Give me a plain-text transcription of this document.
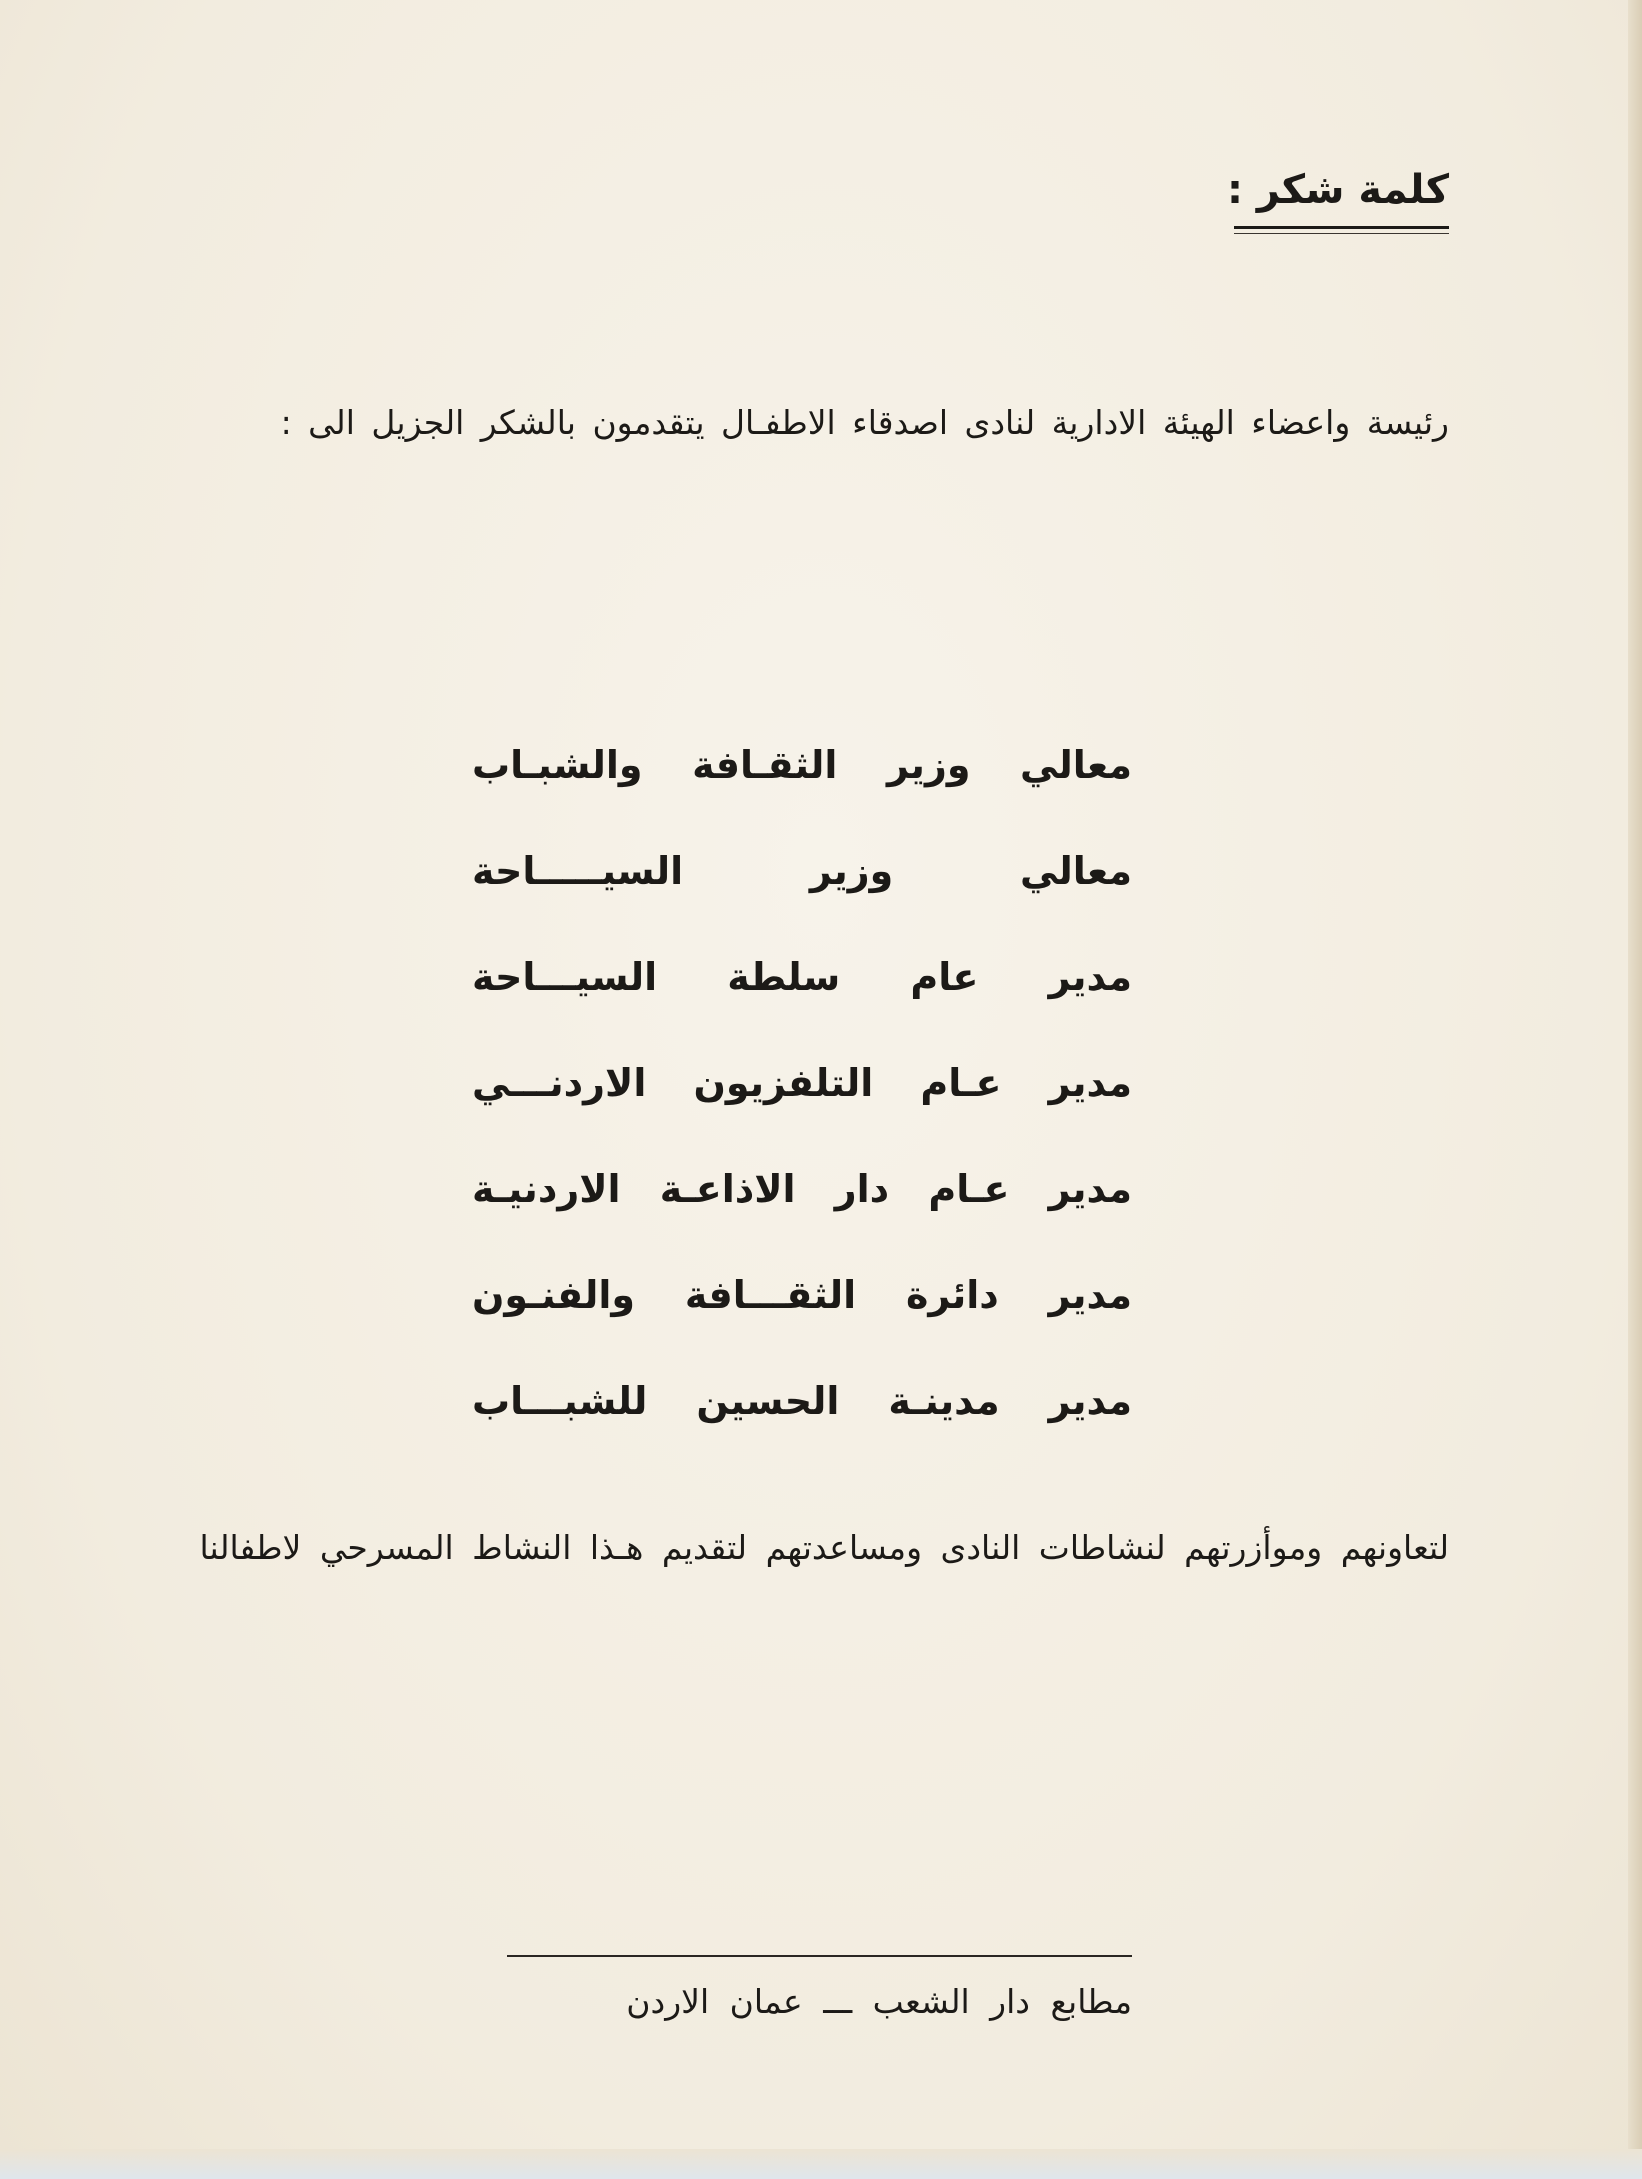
كلمة شكر :

رئيسة واعضاء الهيئة الادارية لنادى اصدقاء الاطفـال يتقدمون بالشكر الجزيل الى :

معالي وزير الثقـافة والشبـاب
معالي وزير السيـــــاحة
مدير عام سلطة السيـــاحة
مدير عـام التلفزيون الاردنـــي
مدير عـام دار الاذاعـة الاردنيـة
مدير دائرة الثقـــافة والفنـون
مدير مدينـة الحسين للشبـــاب

لتعاونهم وموأزرتهم لنشاطات النادى ومساعدتهم لتقديم هـذا النشاط المسرحي لاطفالنا

مطابع دار الشعب ـــ عمان الاردن
